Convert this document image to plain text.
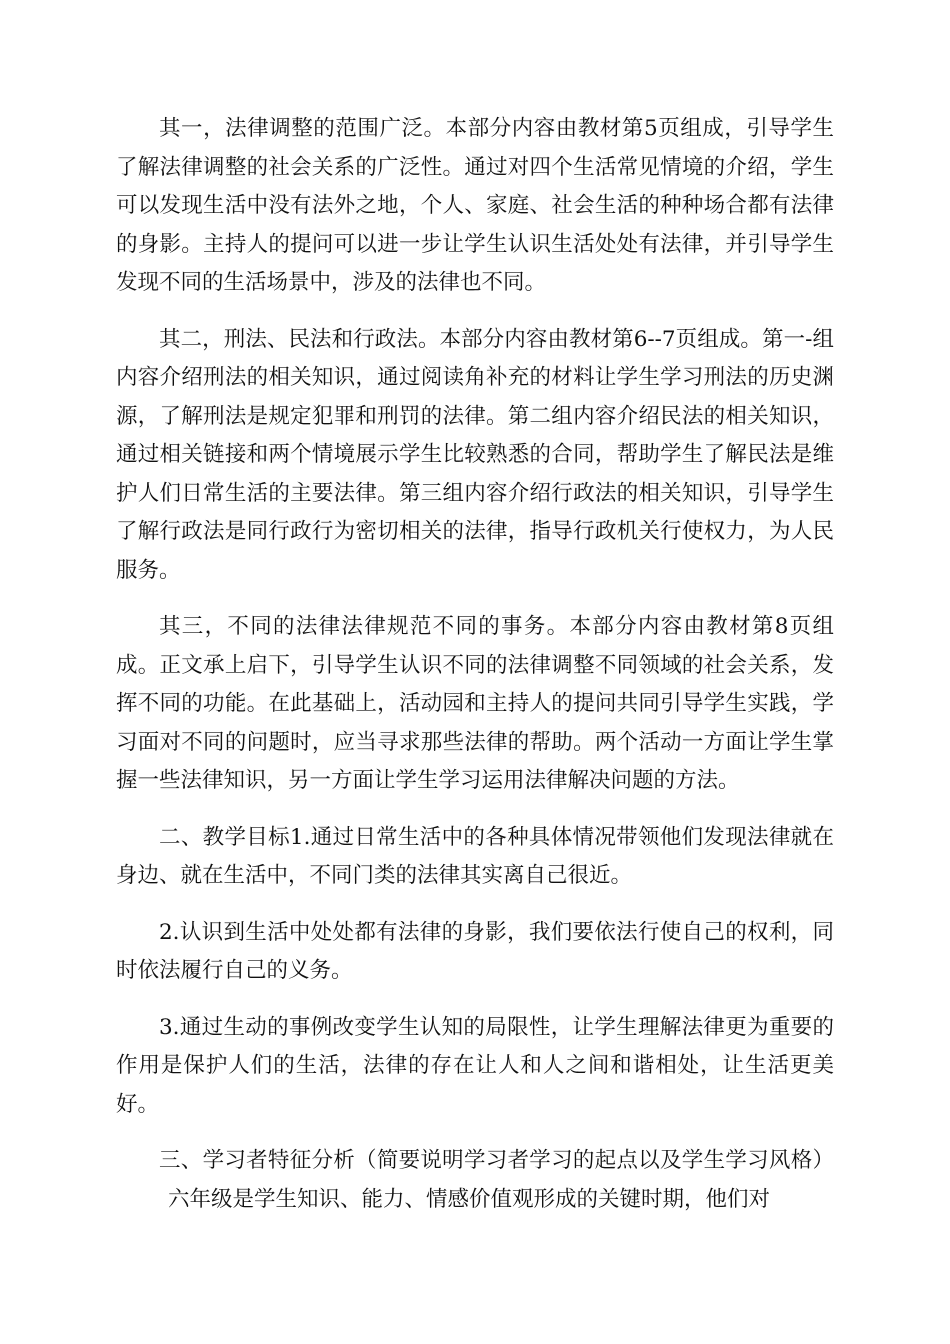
其一，法律调整的范围广泛。本部分内容由教材第5页组成，引导学生了解法律调整的社会关系的广泛性。通过对四个生活常见情境的介绍，学生可以发现生活中没有法外之地，个人、家庭、社会生活的种种场合都有法律的身影。主持人的提问可以进一步让学生认识生活处处有法律，并引导学生发现不同的生活场景中，涉及的法律也不同。

其二，刑法、民法和行政法。本部分内容由教材第6--7页组成。第一-组内容介绍刑法的相关知识，通过阅读角补充的材料让学生学习刑法的历史渊源，了解刑法是规定犯罪和刑罚的法律。第二组内容介绍民法的相关知识，通过相关链接和两个情境展示学生比较熟悉的合同，帮助学生了解民法是维护人们日常生活的主要法律。第三组内容介绍行政法的相关知识，引导学生了解行政法是同行政行为密切相关的法律，指导行政机关行使权力，为人民服务。

其三，不同的法律法律规范不同的事务。本部分内容由教材第8页组成。正文承上启下，引导学生认识不同的法律调整不同领域的社会关系，发挥不同的功能。在此基础上，活动园和主持人的提问共同引导学生实践，学习面对不同的问题时，应当寻求那些法律的帮助。两个活动一方面让学生掌握一些法律知识，另一方面让学生学习运用法律解决问题的方法。

二、教学目标1.通过日常生活中的各种具体情况带领他们发现法律就在身边、就在生活中，不同门类的法律其实离自己很近。

2.认识到生活中处处都有法律的身影，我们要依法行使自己的权利，同时依法履行自己的义务。

3.通过生动的事例改变学生认知的局限性，让学生理解法律更为重要的作用是保护人们的生活，法律的存在让人和人之间和谐相处，让生活更美好。

三、学习者特征分析（简要说明学习者学习的起点以及学生学习风格）六年级是学生知识、能力、情感价值观形成的关键时期，他们对
